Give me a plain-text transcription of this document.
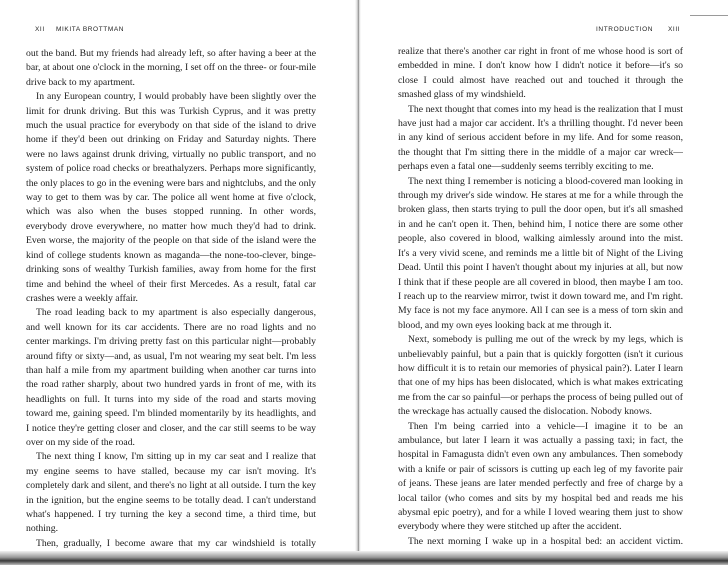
XII MIKITA BROTTMAN

out the band. But my friends had already left, so after having a beer at the bar, at about one o'clock in the morning, I set off on the three- or four-mile drive back to my apartment.

In any European country, I would probably have been slightly over the limit for drunk driving. But this was Turkish Cyprus, and it was pretty much the usual practice for everybody on that side of the island to drive home if they'd been out drinking on Friday and Saturday nights. There were no laws against drunk driving, virtually no public transport, and no system of police road checks or breathalyzers. Perhaps more significantly, the only places to go in the evening were bars and nightclubs, and the only way to get to them was by car. The police all went home at five o'clock, which was also when the buses stopped running. In other words, everybody drove everywhere, no matter how much they'd had to drink. Even worse, the majority of the people on that side of the island were the kind of college students known as maganda—the none-too-clever, binge-drinking sons of wealthy Turkish families, away from home for the first time and behind the wheel of their first Mercedes. As a result, fatal car crashes were a weekly affair.

The road leading back to my apartment is also especially dangerous, and well known for its car accidents. There are no road lights and no center markings. I'm driving pretty fast on this particular night—probably around fifty or sixty—and, as usual, I'm not wearing my seat belt. I'm less than half a mile from my apartment building when another car turns into the road rather sharply, about two hundred yards in front of me, with its headlights on full. It turns into my side of the road and starts moving toward me, gaining speed. I'm blinded momentarily by its headlights, and I notice they're getting closer and closer, and the car still seems to be way over on my side of the road.

The next thing I know, I'm sitting up in my car seat and I realize that my engine seems to have stalled, because my car isn't moving. It's completely dark and silent, and there's no light at all outside. I turn the key in the ignition, but the engine seems to be totally dead. I can't understand what's happened. I try turning the key a second time, a third time, but nothing.

Then, gradually, I become aware that my car windshield is totally

INTRODUCTION XIII

realize that there's another car right in front of me whose hood is sort of embedded in mine. I don't know how I didn't notice it before—it's so close I could almost have reached out and touched it through the smashed glass of my windshield.

The next thought that comes into my head is the realization that I must have just had a major car accident. It's a thrilling thought. I'd never been in any kind of serious accident before in my life. And for some reason, the thought that I'm sitting there in the middle of a major car wreck—perhaps even a fatal one—suddenly seems terribly exciting to me.

The next thing I remember is noticing a blood-covered man looking in through my driver's side window. He stares at me for a while through the broken glass, then starts trying to pull the door open, but it's all smashed in and he can't open it. Then, behind him, I notice there are some other people, also covered in blood, walking aimlessly around into the mist. It's a very vivid scene, and reminds me a little bit of Night of the Living Dead. Until this point I haven't thought about my injuries at all, but now I think that if these people are all covered in blood, then maybe I am too. I reach up to the rearview mirror, twist it down toward me, and I'm right. My face is not my face anymore. All I can see is a mess of torn skin and blood, and my own eyes looking back at me through it.

Next, somebody is pulling me out of the wreck by my legs, which is unbelievably painful, but a pain that is quickly forgotten (isn't it curious how difficult it is to retain our memories of physical pain?). Later I learn that one of my hips has been dislocated, which is what makes extricating me from the car so painful—or perhaps the process of being pulled out of the wreckage has actually caused the dislocation. Nobody knows.

Then I'm being carried into a vehicle—I imagine it to be an ambulance, but later I learn it was actually a passing taxi; in fact, the hospital in Famagusta didn't even own any ambulances. Then somebody with a knife or pair of scissors is cutting up each leg of my favorite pair of jeans. These jeans are later mended perfectly and free of charge by a local tailor (who comes and sits by my hospital bed and reads me his abysmal epic poetry), and for a while I loved wearing them just to show everybody where they were stitched up after the accident.

The next morning I wake up in a hospital bed: an accident victim.
